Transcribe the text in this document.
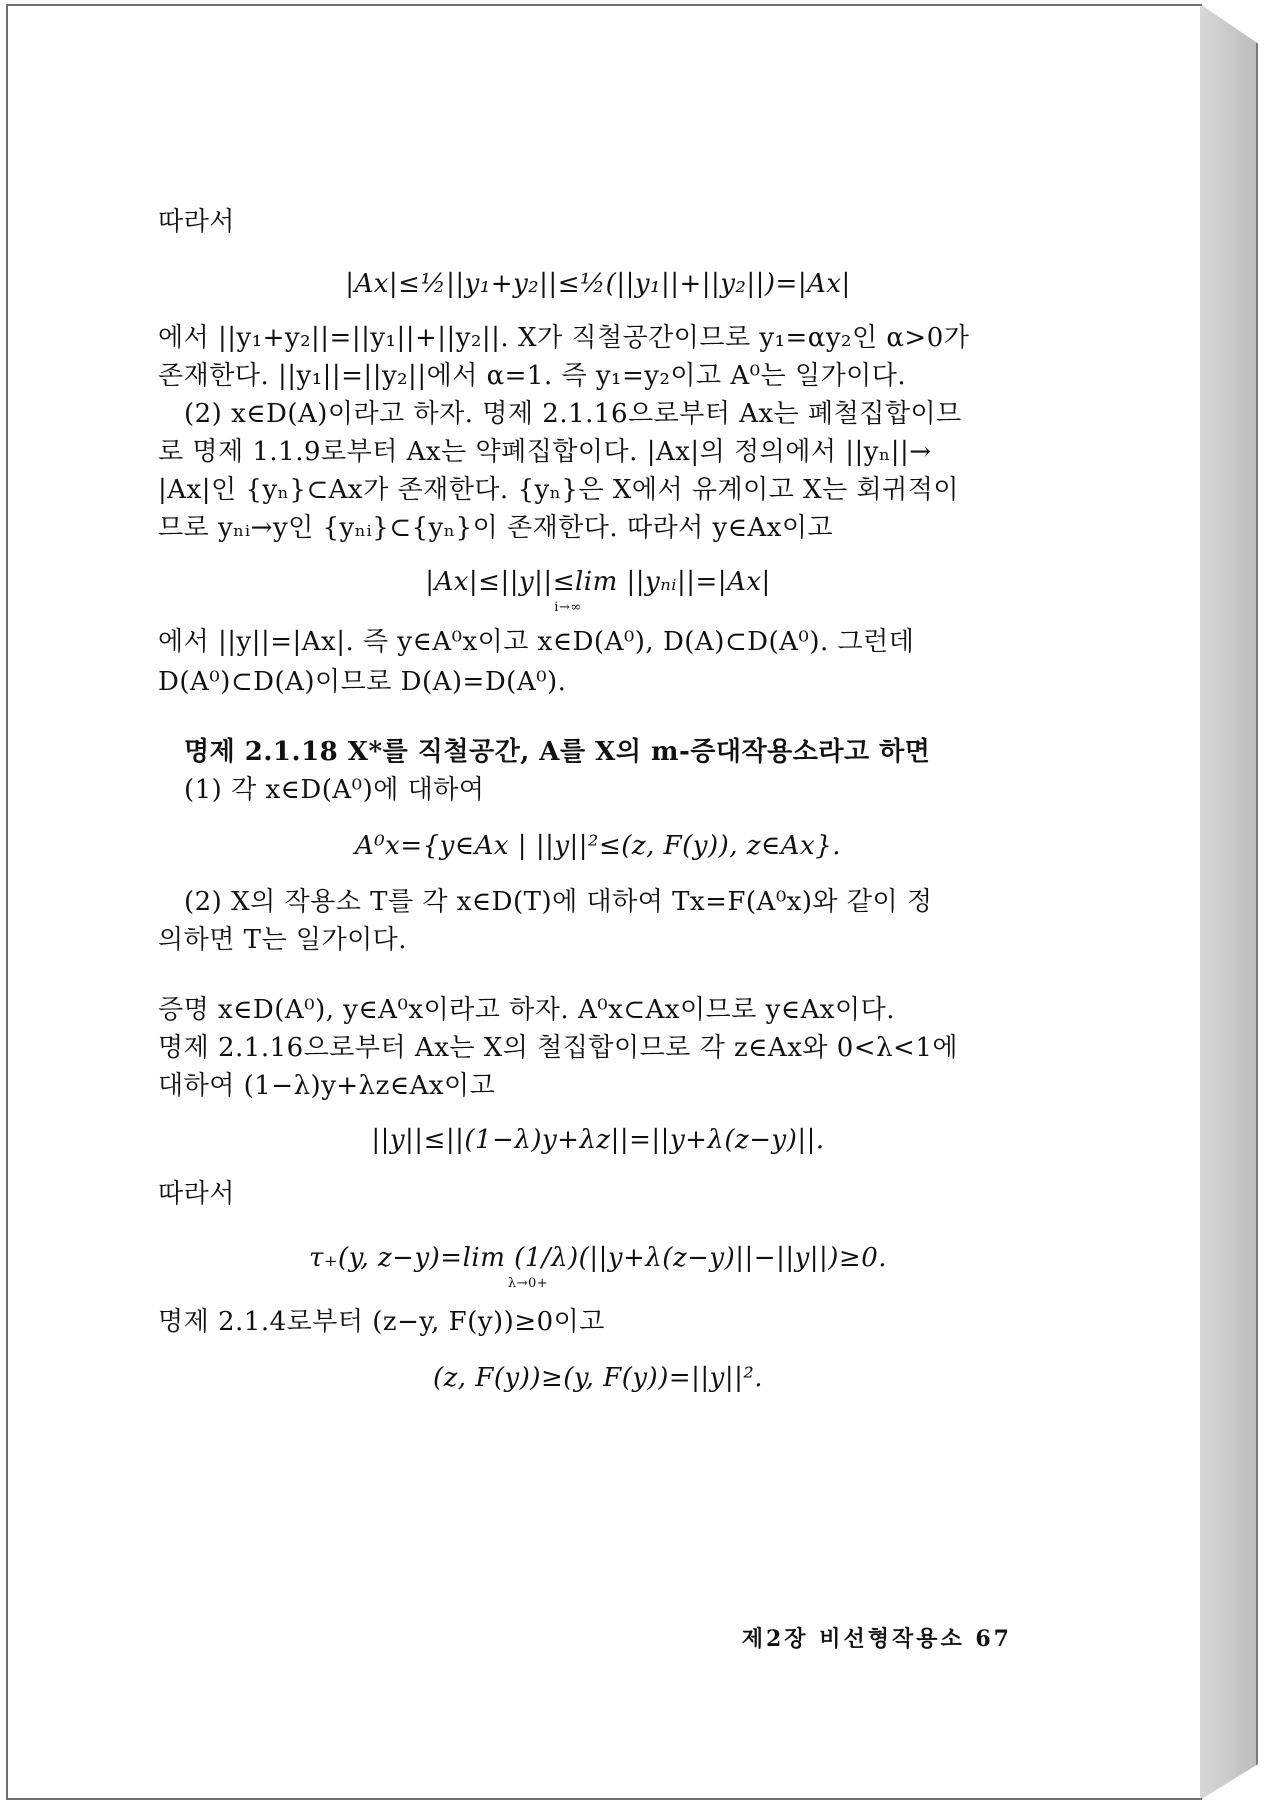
따라서
|Ax|≤½||y₁+y₂||≤½(||y₁||+||y₂||)=|Ax|
에서 ||y₁+y₂||=||y₁||+||y₂||. X가 직철공간이므로 y₁=αy₂인 α>0가
존재한다. ||y₁||=||y₂||에서 α=1. 즉 y₁=y₂이고 A⁰는 일가이다.
(2) x∈D(A)이라고 하자. 명제 2.1.16으로부터 Ax는 폐철집합이므
로 명제 1.1.9로부터 Ax는 약폐집합이다. |Ax|의 정의에서 ||yₙ||→
|Ax|인 {yₙ}⊂Ax가 존재한다. {yₙ}은 X에서 유계이고 X는 회귀적이
므로 yₙᵢ→y인 {yₙᵢ}⊂{yₙ}이 존재한다. 따라서 y∈Ax이고
|Ax|≤||y||≤lim ||yₙᵢ||=|Ax|
i→∞
에서 ||y||=|Ax|. 즉 y∈A⁰x이고 x∈D(A⁰), D(A)⊂D(A⁰). 그런데
D(A⁰)⊂D(A)이므로 D(A)=D(A⁰).
명제 2.1.18 X*를 직철공간, A를 X의 m-증대작용소라고 하면
(1) 각 x∈D(A⁰)에 대하여
A⁰x={y∈Ax | ||y||²≤(z, F(y)), z∈Ax}.
(2) X의 작용소 T를 각 x∈D(T)에 대하여 Tx=F(A⁰x)와 같이 정
의하면 T는 일가이다.
증명 x∈D(A⁰), y∈A⁰x이라고 하자. A⁰x⊂Ax이므로 y∈Ax이다.
명제 2.1.16으로부터 Ax는 X의 철집합이므로 각 z∈Ax와 0<λ<1에
대하여 (1−λ)y+λz∈Ax이고
||y||≤||(1−λ)y+λz||=||y+λ(z−y)||.
따라서
τ₊(y, z−y)=lim (1/λ)(||y+λ(z−y)||−||y||)≥0.
λ→0+
명제 2.1.4로부터 (z−y, F(y))≥0이고
(z, F(y))≥(y, F(y))=||y||².
제2장 비선형작용소 67
